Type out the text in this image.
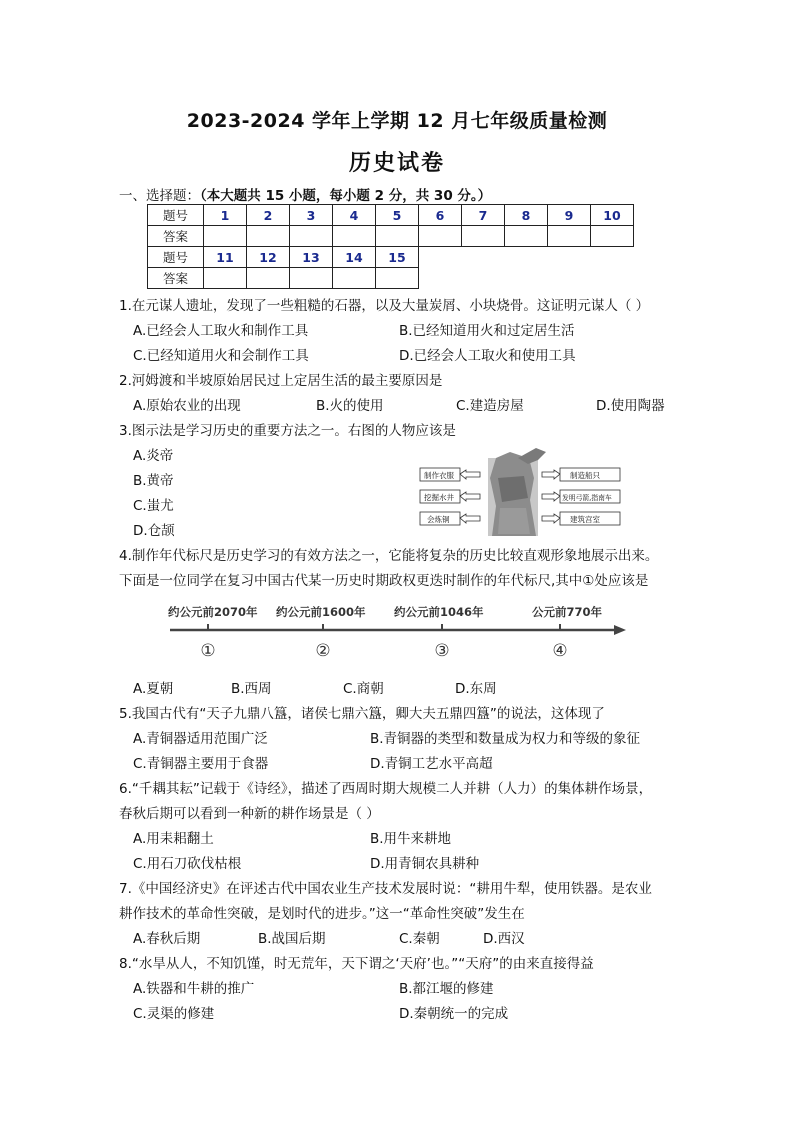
2023-2024 学年上学期 12 月七年级质量检测
历史试卷
一、选择题：（本大题共 15 小题，每小题 2 分，共 30 分。）
题号	1	2	3	4	5	6	7	8	9	10
答案										
题号	11	12	13	14	15					
答案										
1.在元谋人遗址，发现了一些粗糙的石器，以及大量炭屑、小块烧骨。这证明元谋人（ ）
A.已经会人工取火和制作工具	B.已经知道用火和过定居生活
C.已经知道用火和会制作工具	D.已经会人工取火和使用工具
2.河姆渡和半坡原始居民过上定居生活的最主要原因是
A.原始农业的出现	B.火的使用	C.建造房屋	D.使用陶器
3.图示法是学习历史的重要方法之一。右图的人物应该是
A.炎帝
B.黄帝
C.蚩尤
D.仓颉
制作衣服
挖掘水井
会炼铜
制造船只
发明弓箭,指南车
建筑宫室
4.制作年代标尺是历史学习的有效方法之一，它能将复杂的历史比较直观形象地展示出来。
下面是一位同学在复习中国古代某一历史时期政权更迭时制作的年代标尺,其中①处应该是
约公元前2070年 约公元前1600年 约公元前1046年	公元前770年
①	②	③	④
A.夏朝	B.西周	C.商朝	D.东周
5.我国古代有“天子九鼎八簋，诸侯七鼎六簋，卿大夫五鼎四簋”的说法，这体现了
A.青铜器适用范围广泛	B.青铜器的类型和数量成为权力和等级的象征
C.青铜器主要用于食器	D.青铜工艺水平高超
6.“千耦其耘”记载于《诗经》，描述了西周时期大规模二人并耕（人力）的集体耕作场景，
春秋后期可以看到一种新的耕作场景是（ ）
A.用耒耜翻土	B.用牛来耕地
C.用石刀砍伐枯根	D.用青铜农具耕种
7.《中国经济史》在评述古代中国农业生产技术发展时说：“耕用牛犁，使用铁器。是农业
耕作技术的革命性突破，是划时代的进步。”这一“革命性突破”发生在
A.春秋后期	B.战国后期	C.秦朝	D.西汉
8.“水旱从人，不知饥馑，时无荒年，天下谓之‘天府’也。”“天府”的由来直接得益
A.铁器和牛耕的推广	B.都江堰的修建
C.灵渠的修建	D.秦朝统一的完成
